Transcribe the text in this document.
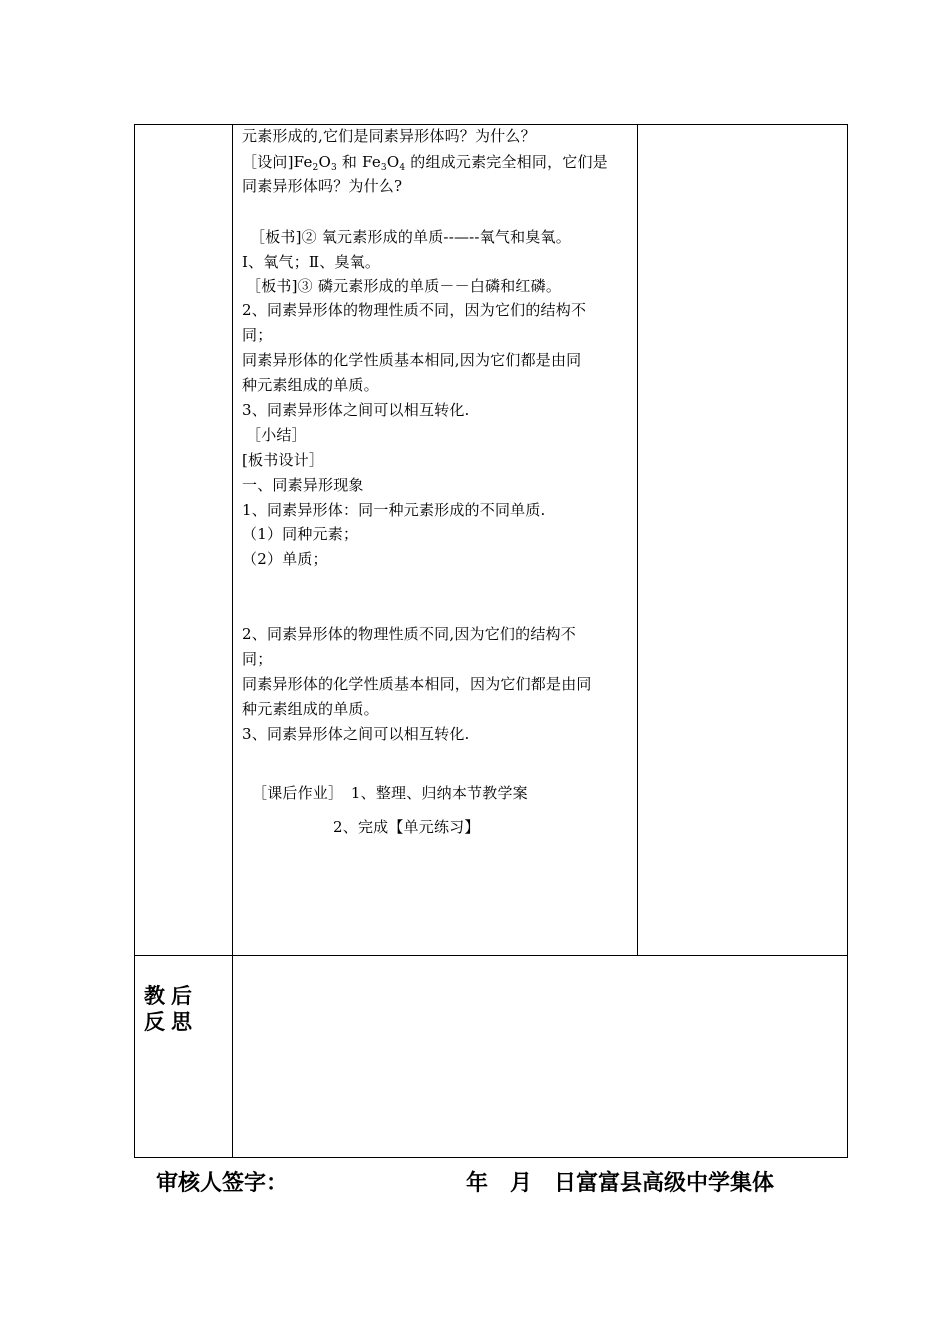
元素形成的,它们是同素异形体吗？为什么？
［设问]$Fe_2O_3$ 和 $Fe_3O_4$ 的组成元素完全相同，它们是
同素异形体吗？为什么?
［板书]② 氧元素形成的单质--—--氧气和臭氧。
Ⅰ、氧气；Ⅱ、臭氧。
［板书]③ 磷元素形成的单质－－白磷和红磷。
2、同素异形体的物理性质不同，因为它们的结构不
同；
同素异形体的化学性质基本相同,因为它们都是由同
种元素组成的单质。
3、同素异形体之间可以相互转化.
［小结］
[板书设计］
一、同素异形现象
1、同素异形体：同一种元素形成的不同单质.
（1）同种元素；
（2）单质；
2、同素异形体的物理性质不同,因为它们的结构不
同；
同素异形体的化学性质基本相同，因为它们都是由同
种元素组成的单质。
3、同素异形体之间可以相互转化.
［课后作业］　1、整理、归纳本节教学案
2、完成【单元练习】
教后
反思
审核人签字：	年　月　日富富县高级中学集体
